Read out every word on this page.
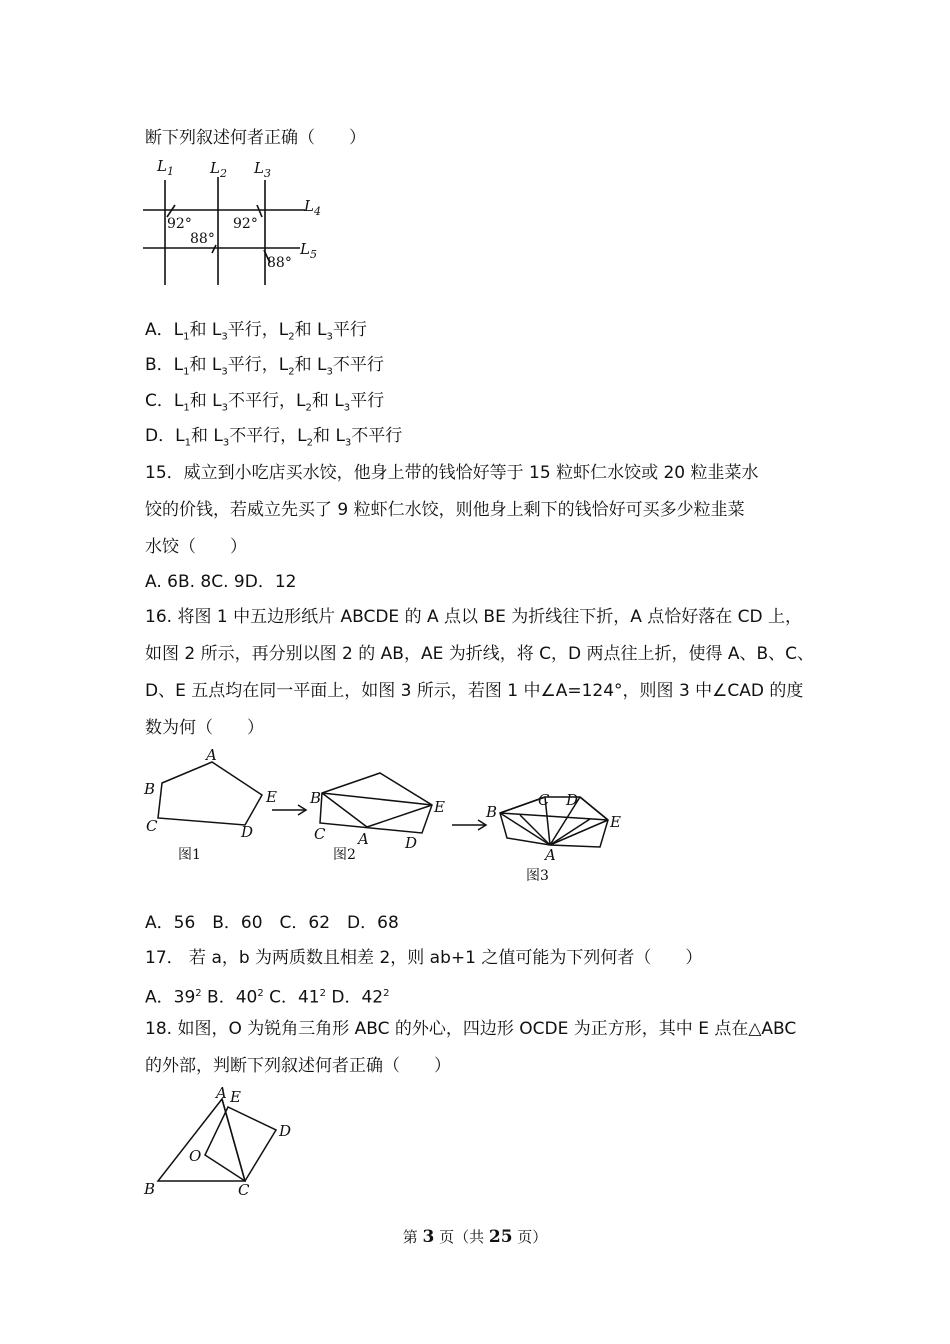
断下列叙述何者正确（　　）
$L_1$ $L_2$ $L_3$
$L_4$
$L_5$
92°
88°
92°
88°
A．$L_1$和 $L_3$平行，$L_2$和 $L_3$平行
B．$L_1$和 $L_3$平行，$L_2$和 $L_3$不平行
C．$L_1$和 $L_3$不平行，$L_2$和 $L_3$平行
D．$L_1$和 $L_3$不平行，$L_2$和 $L_3$不平行
15．威立到小吃店买水饺，他身上带的钱恰好等于 15 粒虾仁水饺或 20 粒韭菜水
饺的价钱，若威立先买了 9 粒虾仁水饺，则他身上剩下的钱恰好可买多少粒韭菜
水饺（　　）
A. 6B. 8C. 9D．12
16. 将图 1 中五边形纸片 ABCDE 的 A 点以 BE 为折线往下折，A 点恰好落在 CD 上，
如图 2 所示，再分别以图 2 的 AB，AE 为折线，将 C，D 两点往上折，使得 A、B、C、
D、E 五点均在同一平面上，如图 3 所示，若图 1 中∠A=124°，则图 3 中∠CAD 的度
数为何（　　）
A
B
C	D
E
图1
B
C A D
E
图2
B
C D
E
A
图3
A．56　B．60　C．62　D．68
17． 若 a，b 为两质数且相差 2，则 ab+1 之值可能为下列何者（　　）
A．$39^2$ B．$40^2$ C．$41^2$ D．$42^2$
18. 如图，O 为锐角三角形 ABC 的外心，四边形 OCDE 为正方形，其中 E 点在△ABC
的外部，判断下列叙述何者正确（　　）
A E
D
O
B	C
第 3 页（共 25 页）
